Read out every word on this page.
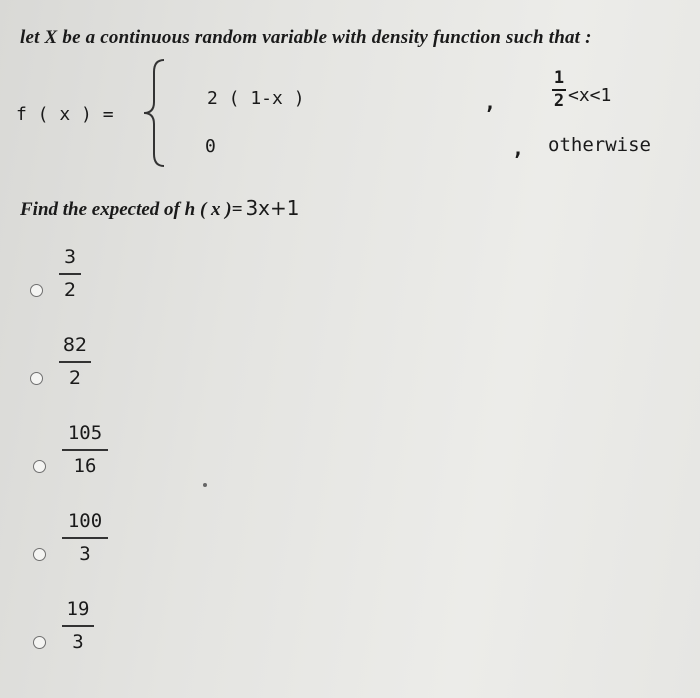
let X be a continuous random variable with density function such that :
f ( x ) =
2 ( 1-x )	,	$\frac{1}{2} <x<1$
0	, otherwise
Find the expected of h ( x )= 3x+1
$\frac{3}{2}$
$\frac{82}{2}$
$\frac{105}{16}$
$\frac{100}{3}$
$\frac{19}{3}$
